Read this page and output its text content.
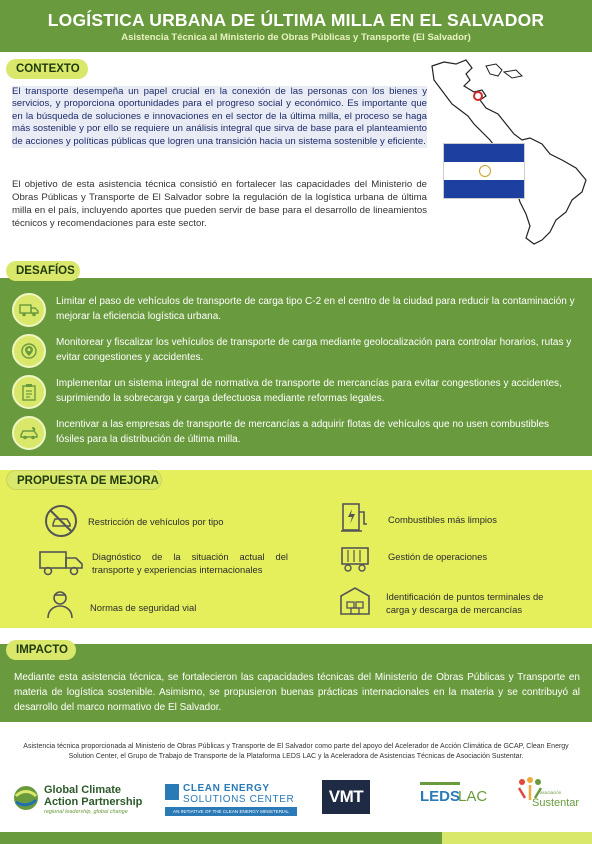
LOGÍSTICA URBANA DE ÚLTIMA MILLA EN EL SALVADOR
Asistencia Técnica al Ministerio de Obras Públicas y Transporte (El Salvador)
CONTEXTO
El transporte desempeña un papel crucial en la conexión de las personas con los bienes y servicios, y proporciona oportunidades para el progreso social y económico. Es importante que en la búsqueda de soluciones e innovaciones en el sector de la última milla, el proceso se haga más sostenible y por ello se requiere un análisis integral que sirva de base para el planteamiento de acciones y políticas públicas que logren una transición hacia un sistema sostenible y eficiente.
El objetivo de esta asistencia técnica consistió en fortalecer las capacidades del Ministerio de Obras Públicas y Transporte de El Salvador sobre la regulación de la logística urbana de última milla en el país, incluyendo aportes que pueden servir de base para el desarrollo de lineamientos técnicos y recomendaciones para este sector.
DESAFÍOS
Limitar el paso de vehículos de transporte de carga tipo C-2 en el centro de la ciudad para reducir la contaminación y mejorar la eficiencia logística urbana.
Monitorear y fiscalizar los vehículos de transporte de carga mediante geolocalización para controlar horarios, rutas y evitar congestiones y accidentes.
Implementar un sistema integral de normativa de transporte de mercancías para evitar congestiones y accidentes, suprimiendo la sobrecarga y carga defectuosa mediante reformas legales.
Incentivar a las empresas de transporte de mercancías a adquirir flotas de vehículos que no usen combustibles fósiles para la distribución de última milla.
PROPUESTA DE MEJORA
Restricción de vehículos por tipo
Diagnóstico de la situación actual del transporte y experiencias internacionales
Normas de seguridad vial
Combustibles más limpios
Gestión de operaciones
Identificación de puntos terminales de carga y descarga de mercancías
IMPACTO
Mediante esta asistencia técnica, se fortalecieron las capacidades técnicas del Ministerio de Obras Públicas y Transporte en materia de logística sostenible. Asimismo, se propusieron buenas prácticas internacionales en la materia y se contribuyó al desarrollo del marco normativo de El Salvador.
Asistencia técnica proporcionada al Ministerio de Obras Públicas y Transporte de El Salvador como parte del apoyo del Acelerador de Acción Climática de GCAP, Clean Energy Solution Center, el Grupo de Trabajo de Transporte de la Plataforma LEDS LAC y la Aceleradora de Asistencias Técnicas de Asociación Sustentar.
Global Climate
Action Partnership
regional leadership, global change
CLEAN ENERGY
SOLUTIONS CENTER
AN INITIATIVE OF THE CLEAN ENERGY MINISTERIAL
VMT	LEDS
LAC	asociación
Sustentar
